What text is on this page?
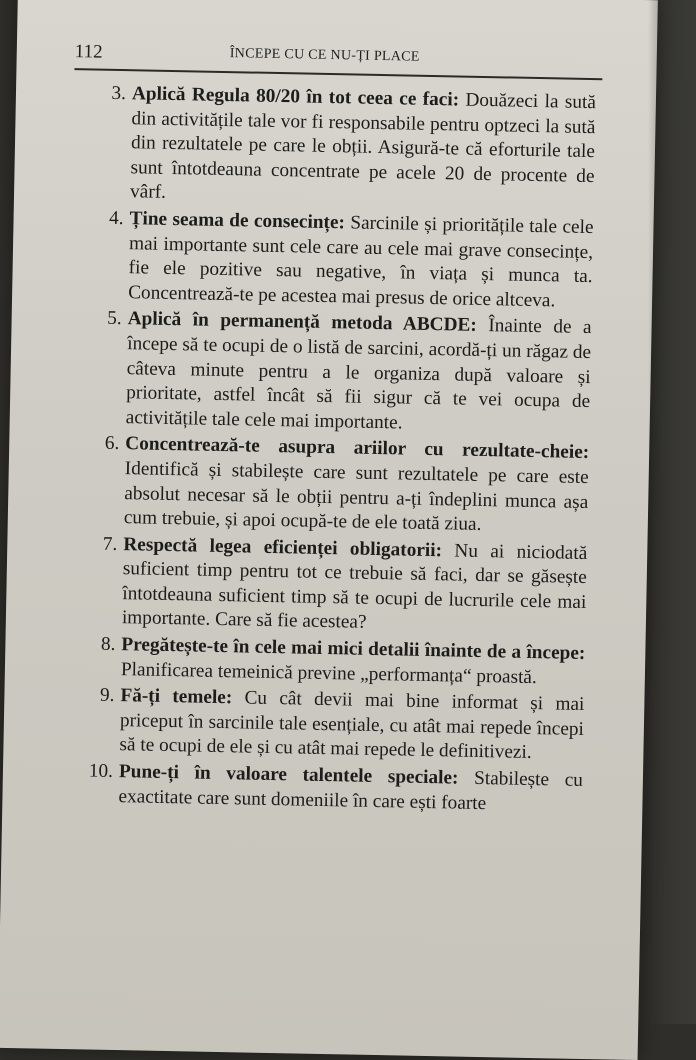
112	ÎNCEPE CU CE NU-ȚI PLACE
3. Aplică Regula 80/20 în tot ceea ce faci: Douăzeci la sută din activitățile tale vor fi responsabile pentru optzeci la sută din rezultatele pe care le obții. Asigură-te că eforturile tale sunt întotdeauna concentrate pe acele 20 de procente de vârf.
4. Ține seama de consecințe: Sarcinile și prioritățile tale cele mai importante sunt cele care au cele mai grave consecințe, fie ele pozitive sau negative, în viața și munca ta. Concentrează-te pe acestea mai presus de orice altceva.
5. Aplică în permanență metoda ABCDE: Înainte de a începe să te ocupi de o listă de sarcini, acordă-ți un răgaz de câteva minute pentru a le organiza după valoare și prioritate, astfel încât să fii sigur că te vei ocupa de activitățile tale cele mai importante.
6. Concentrează-te asupra ariilor cu rezultate-cheie: Identifică și stabilește care sunt rezultatele pe care este absolut necesar să le obții pentru a-ți îndeplini munca așa cum trebuie, și apoi ocupă-te de ele toată ziua.
7. Respectă legea eficienței obligatorii: Nu ai niciodată suficient timp pentru tot ce trebuie să faci, dar se găsește întotdeauna suficient timp să te ocupi de lucrurile cele mai importante. Care să fie acestea?
8. Pregătește-te în cele mai mici detalii înainte de a începe: Planificarea temeinică previne „performanța“ proastă.
9. Fă-ți temele: Cu cât devii mai bine informat și mai priceput în sarcinile tale esențiale, cu atât mai repede începi să te ocupi de ele și cu atât mai repede le definitivezi.
10. Pune-ți în valoare talentele speciale: Stabilește cu exactitate care sunt domeniile în care ești foarte
